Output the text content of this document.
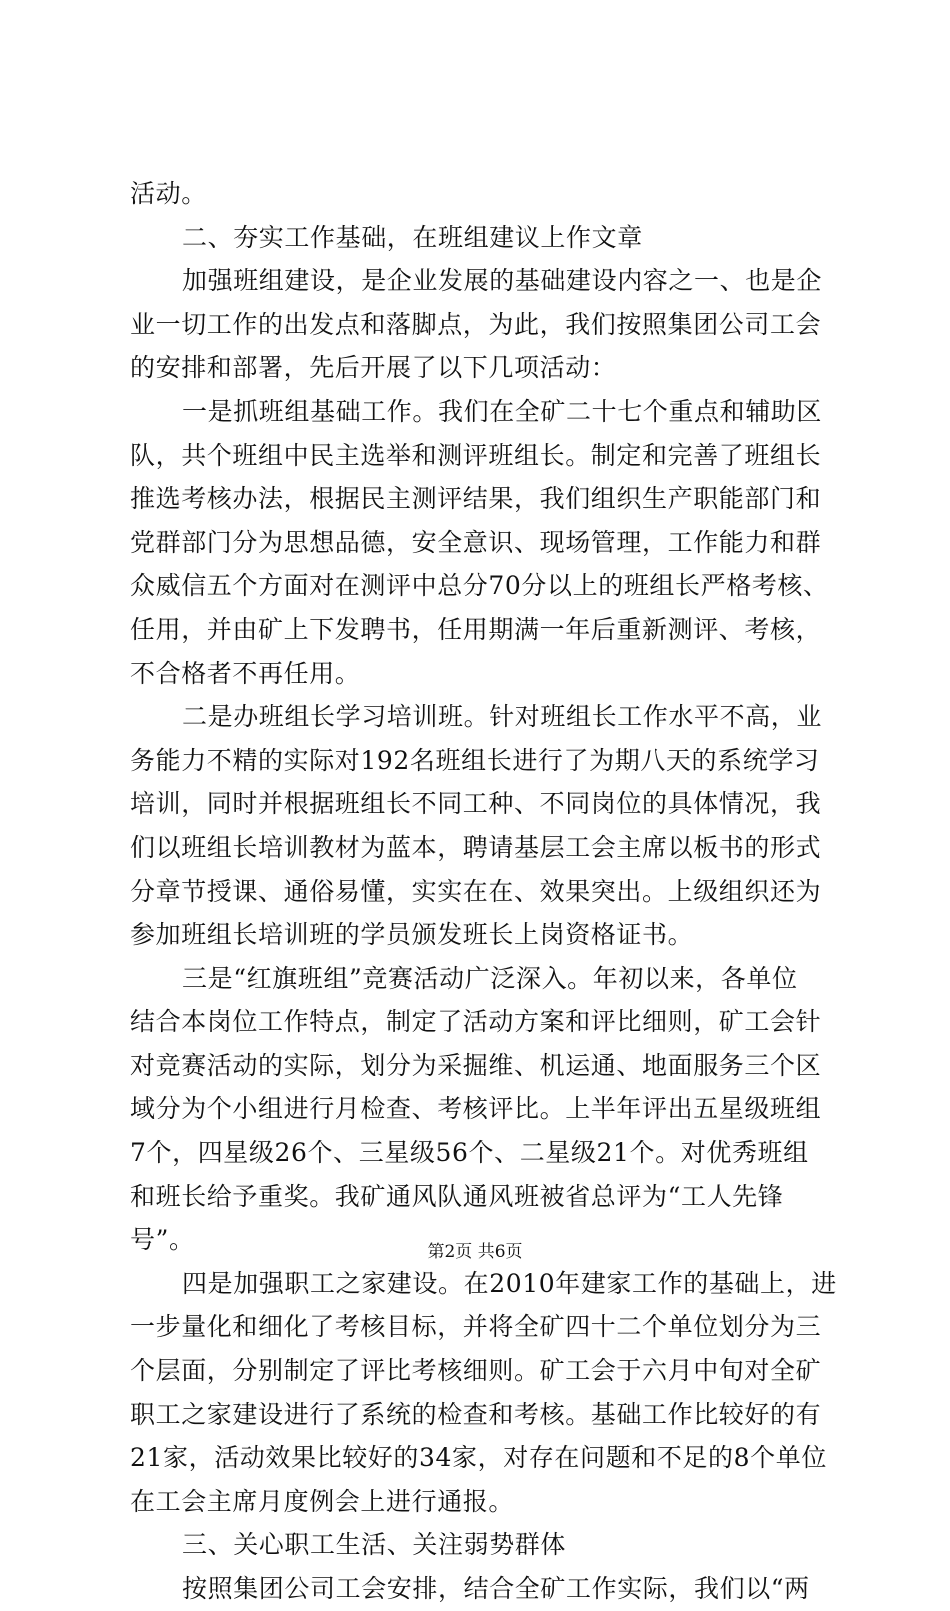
活动。
二、夯实工作基础，在班组建议上作文章
加强班组建设，是企业发展的基础建设内容之一、也是企
业一切工作的出发点和落脚点，为此，我们按照集团公司工会
的安排和部署，先后开展了以下几项活动：
一是抓班组基础工作。我们在全矿二十七个重点和辅助区
队，共个班组中民主选举和测评班组长。制定和完善了班组长
推选考核办法，根据民主测评结果，我们组织生产职能部门和
党群部门分为思想品德，安全意识、现场管理，工作能力和群
众威信五个方面对在测评中总分70分以上的班组长严格考核、
任用，并由矿上下发聘书，任用期满一年后重新测评、考核，
不合格者不再任用。
二是办班组长学习培训班。针对班组长工作水平不高，业
务能力不精的实际对192名班组长进行了为期八天的系统学习
培训，同时并根据班组长不同工种、不同岗位的具体情况，我
们以班组长培训教材为蓝本，聘请基层工会主席以板书的形式
分章节授课、通俗易懂，实实在在、效果突出。上级组织还为
参加班组长培训班的学员颁发班长上岗资格证书。
三是“红旗班组”竞赛活动广泛深入。年初以来，各单位
结合本岗位工作特点，制定了活动方案和评比细则，矿工会针
对竞赛活动的实际，划分为采掘维、机运通、地面服务三个区
域分为个小组进行月检查、考核评比。上半年评出五星级班组
7个，四星级26个、三星级56个、二星级21个。对优秀班组
和班长给予重奖。我矿通风队通风班被省总评为“工人先锋
号”。
四是加强职工之家建设。在2010年建家工作的基础上，进
一步量化和细化了考核目标，并将全矿四十二个单位划分为三
个层面，分别制定了评比考核细则。矿工会于六月中旬对全矿
职工之家建设进行了系统的检查和考核。基础工作比较好的有
21家，活动效果比较好的34家，对存在问题和不足的8个单位
在工会主席月度例会上进行通报。
三、关心职工生活、关注弱势群体
按照集团公司工会安排，结合全矿工作实际，我们以“两
第2页 共6页
